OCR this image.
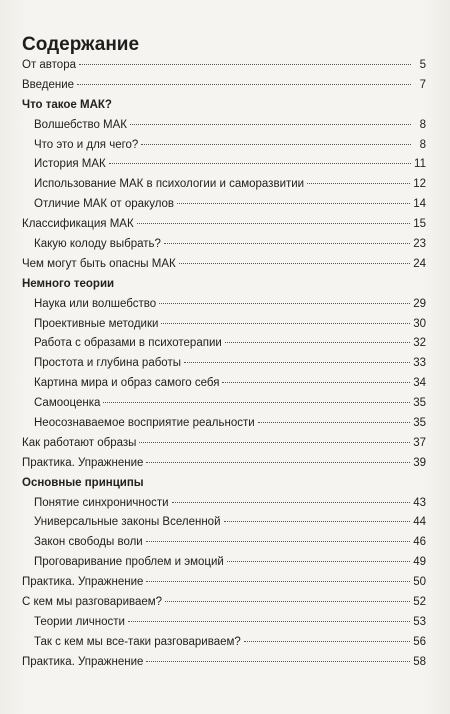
Содержание
От автора	5
Введение	7
Что такое МАК?
Волшебство МАК	8
Что это и для чего?	8
История МАК	11
Использование МАК в психологии и саморазвитии	12
Отличие МАК от оракулов	14
Классификация МАК	15
Какую колоду выбрать?	23
Чем могут быть опасны МАК	24
Немного теории
Наука или волшебство	29
Проективные методики	30
Работа с образами в психотерапии	32
Простота и глубина работы	33
Картина мира и образ самого себя	34
Самооценка	35
Неосознаваемое восприятие реальности	35
Как работают образы	37
Практика. Упражнение	39
Основные принципы
Понятие синхроничности	43
Универсальные законы Вселенной	44
Закон свободы воли	46
Проговаривание проблем и эмоций	49
Практика. Упражнение	50
С кем мы разговариваем?	52
Теории личности	53
Так с кем мы все-таки разговариваем?	56
Практика. Упражнение	58
